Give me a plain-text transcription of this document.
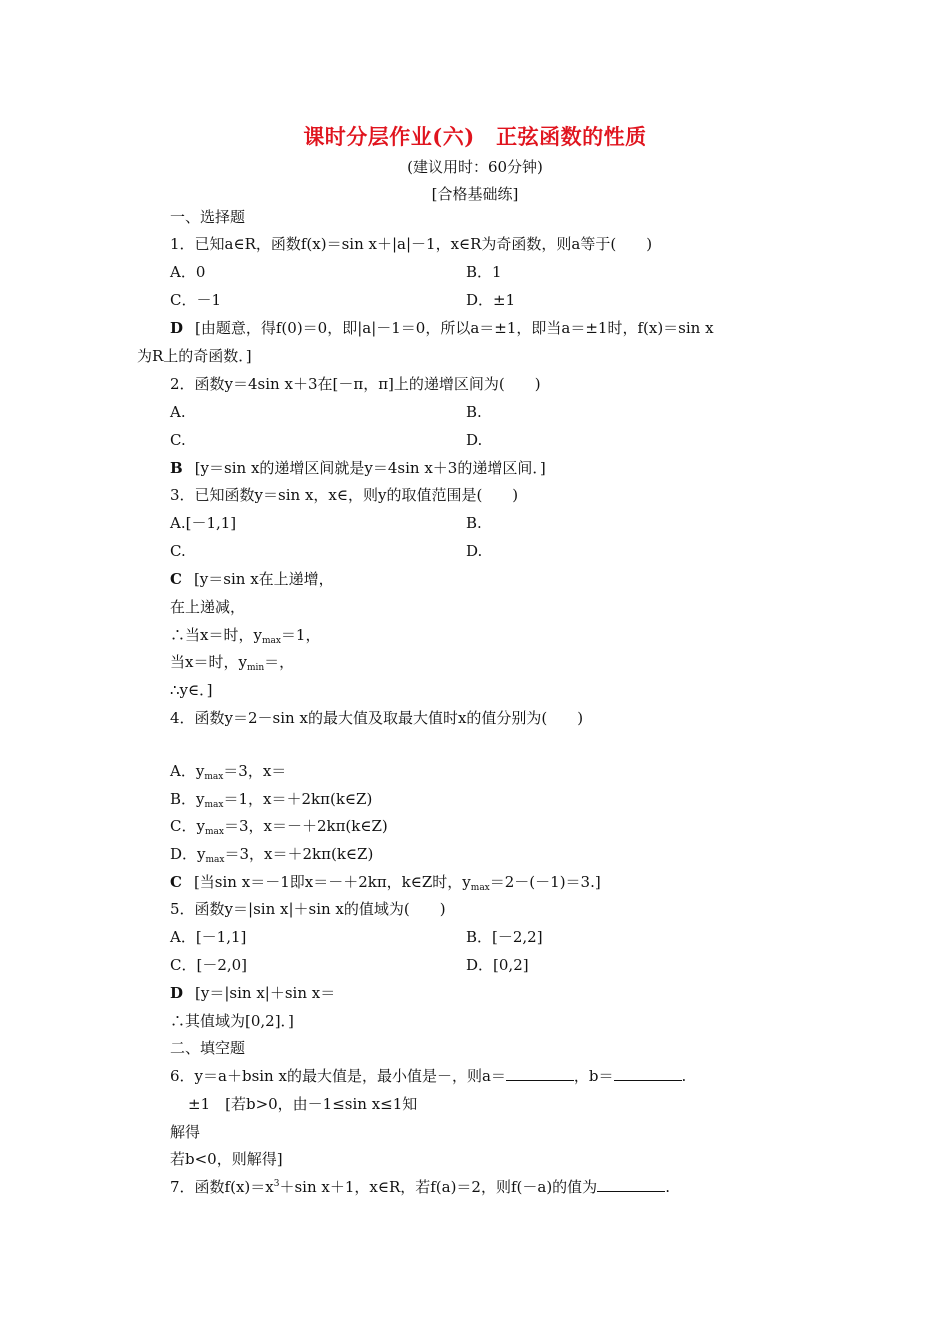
课时分层作业(六)　正弦函数的性质
(建议用时：60分钟)
[合格基础练]
一、选择题
1．已知a∈R，函数f(x)＝sin x＋|a|－1，x∈R为奇函数，则a等于(　　)
A．0	B．1
C．－1	D．±1
D [由题意，得f(0)＝0，即|a|－1＝0，所以a＝±1，即当a＝±1时，f(x)＝sin x
为R上的奇函数．]
2．函数y＝4sin x＋3在[－π，π]上的递增区间为(　　)
A.	B.
C.	D.
B [y＝sin x的递增区间就是y＝4sin x＋3的递增区间．]
3．已知函数y＝sin x，x∈，则y的取值范围是(　　)
A.[－1,1]	B.
C.	D.
C [y＝sin x在上递增，
在上递减，
∴当x＝时，$y_{max}=1$，
当x＝时，$y_{min}=$，
∴y∈．]
4．函数y＝2－sin x的最大值及取最大值时x的值分别为(　　)
A．$y_{max}=3$，x＝
B．$y_{max}=1$，x＝＋2kπ(k∈Z)
C．$y_{max}=3$，x＝－＋2kπ(k∈Z)
D．$y_{max}=3$，x＝＋2kπ(k∈Z)
C [当sin x＝－1即x＝－＋2kπ，k∈Z时，$y_{max}=2-(-1)=3$.]
5．函数y＝|sin x|＋sin x的值域为(　　)
A．[－1,1]	B．[－2,2]
C．[－2,0]	D．[0,2]
D [y＝|sin x|＋sin x＝
∴其值域为[0,2]．]
二、填空题
6．y＝a＋bsin x的最大值是，最小值是－，则a＝	，b＝	.
±1　[若b>0，由－1≤sin x≤1知
解得
若b<0，则解得]
7．函数$f(x)=x^3+\sin$ x＋1，x∈R，若f(a)＝2，则f(－a)的值为	.
